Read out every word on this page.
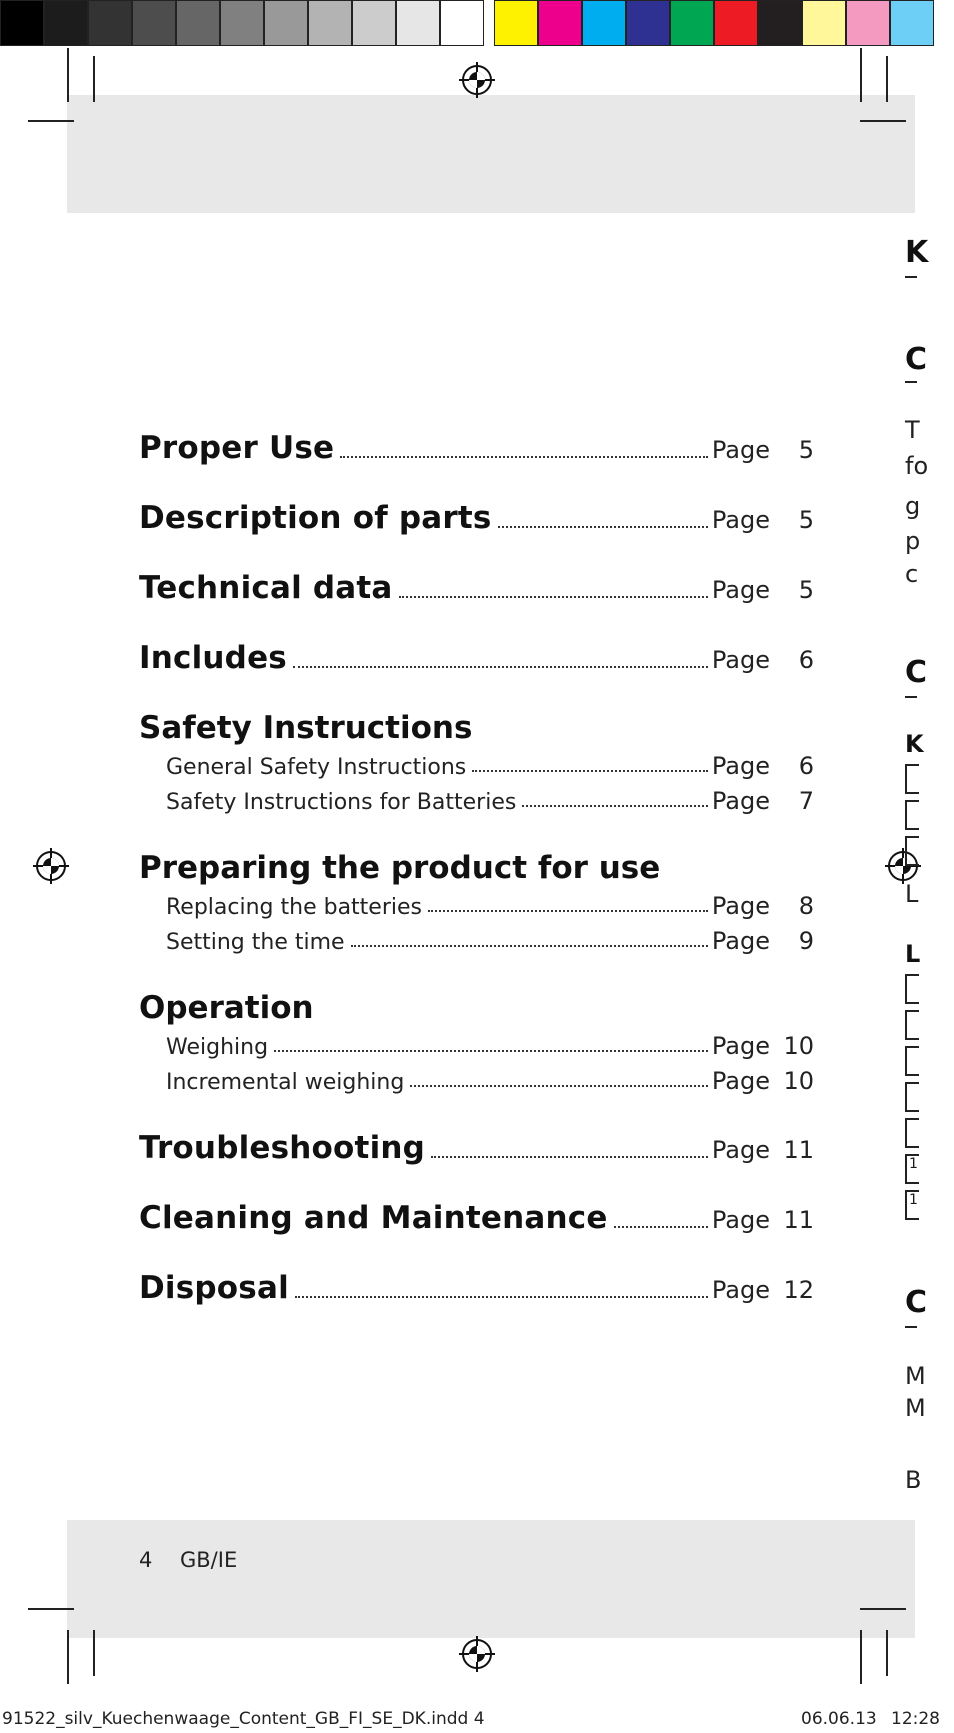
Proper Use	Page	5
Description of parts	Page	5
Technical data	Page	5
Includes	Page	6
Safety Instructions
General Safety Instructions	Page	6
Safety Instructions for Batteries	Page	7
Preparing the product for use
Replacing the batteries	Page	8
Setting the time	Page	9
Operation
Weighing	Page 10
Incremental weighing	Page 10
Troubleshooting	Page 11
Cleaning and Maintenance	Page 11
Disposal	Page 12
K
C
T
fo
g
p
c
C
K
L
L
1
1
C
M
M
B
4 GB/IE
91522_silv_Kuechenwaage_Content_GB_FI_SE_DK.indd 4	06.06.13 12:28
